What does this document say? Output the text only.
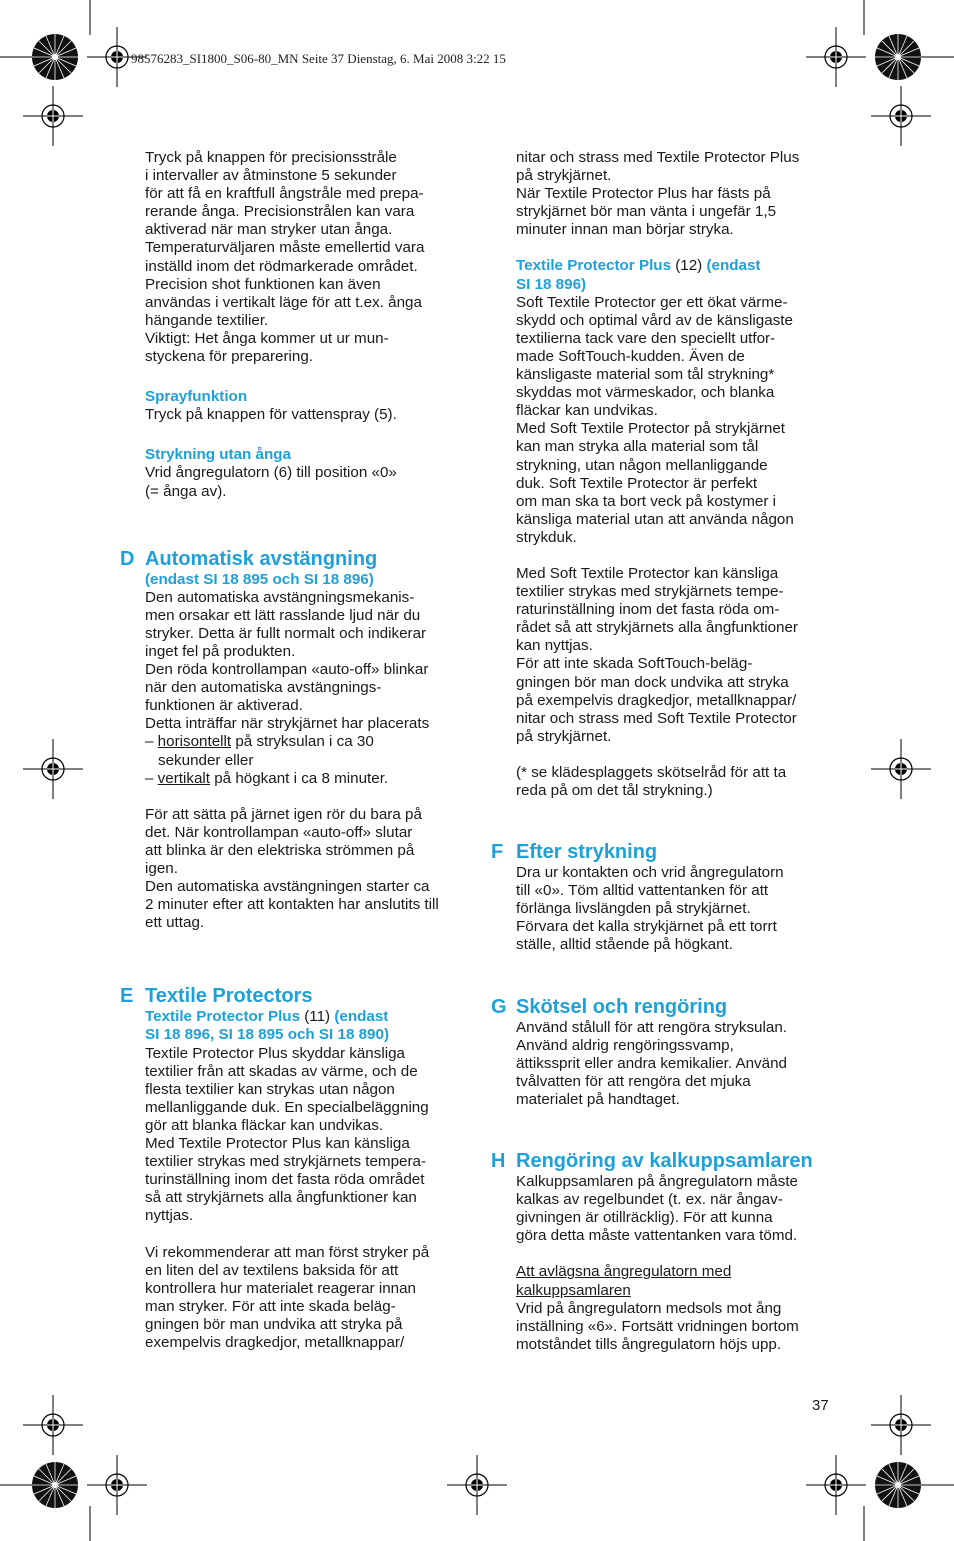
98576283_SI1800_S06-80_MN Seite 37 Dienstag, 6. Mai 2008 3:22 15

Tryck på knappen för precisionsstråle
i intervaller av åtminstone 5 sekunder
för att få en kraftfull ångstråle med prepa-
rerande ånga. Precisionstrålen kan vara
aktiverad när man stryker utan ånga.
Temperaturväljaren måste emellertid vara
inställd inom det rödmarkerade området.
Precision shot funktionen kan även
användas i vertikalt läge för att t.ex. ånga
hängande textilier.
Viktigt: Het ånga kommer ut ur mun-
styckena för preparering.

Sprayfunktion

Tryck på knappen för vattenspray (5).

Strykning utan ånga

Vrid ångregulatorn (6) till position «0»
(= ånga av).

D Automatisk avstängning

(endast SI 18 895 och SI 18 896)

Den automatiska avstängningsmekanis-
men orsakar ett lätt rasslande ljud när du
stryker. Detta är fullt normalt och indikerar
inget fel på produkten.
Den röda kontrollampan «auto-off» blinkar
när den automatiska avstängnings-
funktionen är aktiverad.
Detta inträffar när strykjärnet har placerats

– horisontellt på stryksulan i ca 30
sekunder eller

– vertikalt på högkant i ca 8 minuter.

För att sätta på järnet igen rör du bara på
det. När kontrollampan «auto-off» slutar
att blinka är den elektriska strömmen på
igen.
Den automatiska avstängningen starter ca
2 minuter efter att kontakten har anslutits till
ett uttag.

E Textile Protectors

Textile Protector Plus (11) (endast
SI 18 896, SI 18 895 och SI 18 890)

Textile Protector Plus skyddar känsliga
textilier från att skadas av värme, och de
flesta textilier kan strykas utan någon
mellanliggande duk. En specialbeläggning
gör att blanka fläckar kan undvikas.
Med Textile Protector Plus kan känsliga
textilier strykas med strykjärnets tempera-
turinställning inom det fasta röda området
så att strykjärnets alla ångfunktioner kan
nyttjas.

Vi rekommenderar att man först stryker på
en liten del av textilens baksida för att
kontrollera hur materialet reagerar innan
man stryker. För att inte skada beläg-
gningen bör man undvika att stryka på
exempelvis dragkedjor, metallknappar/

nitar och strass med Textile Protector Plus
på strykjärnet.
När Textile Protector Plus har fästs på
strykjärnet bör man vänta i ungefär 1,5
minuter innan man börjar stryka.

Textile Protector Plus (12) (endast
SI 18 896)

Soft Textile Protector ger ett ökat värme-
skydd och optimal vård av de känsligaste
textilierna tack vare den speciellt utfor-
made SoftTouch-kudden. Även de
känsligaste material som tål strykning*
skyddas mot värmeskador, och blanka
fläckar kan undvikas.
Med Soft Textile Protector på strykjärnet
kan man stryka alla material som tål
strykning, utan någon mellanliggande
duk. Soft Textile Protector är perfekt
om man ska ta bort veck på kostymer i
känsliga material utan att använda någon
strykduk.

Med Soft Textile Protector kan känsliga
textilier strykas med strykjärnets tempe-
raturinställning inom det fasta röda om-
rådet så att strykjärnets alla ångfunktioner
kan nyttjas.
För att inte skada SoftTouch-beläg-
gningen bör man dock undvika att stryka
på exempelvis dragkedjor, metallknappar/
nitar och strass med Soft Textile Protector
på strykjärnet.

(* se klädesplaggets skötselråd för att ta
reda på om det tål strykning.)

F Efter strykning

Dra ur kontakten och vrid ångregulatorn
till «0». Töm alltid vattentanken för att
förlänga livslängden på strykjärnet.
Förvara det kalla strykjärnet på ett torrt
ställe, alltid stående på högkant.

G Skötsel och rengöring

Använd stålull för att rengöra stryksulan.
Använd aldrig rengöringssvamp,
ättikssprit eller andra kemikalier. Använd
tvålvatten för att rengöra det mjuka
materialet på handtaget.

H Rengöring av kalkuppsamlaren

Kalkuppsamlaren på ångregulatorn måste
kalkas av regelbundet (t. ex. när ångav-
givningen är otillräcklig). För att kunna
göra detta måste vattentanken vara tömd.

Att avlägsna ångregulatorn med
kalkuppsamlaren

Vrid på ångregulatorn medsols mot ång
inställning «6». Fortsätt vridningen bortom
motståndet tills ångregulatorn höjs upp.

37
